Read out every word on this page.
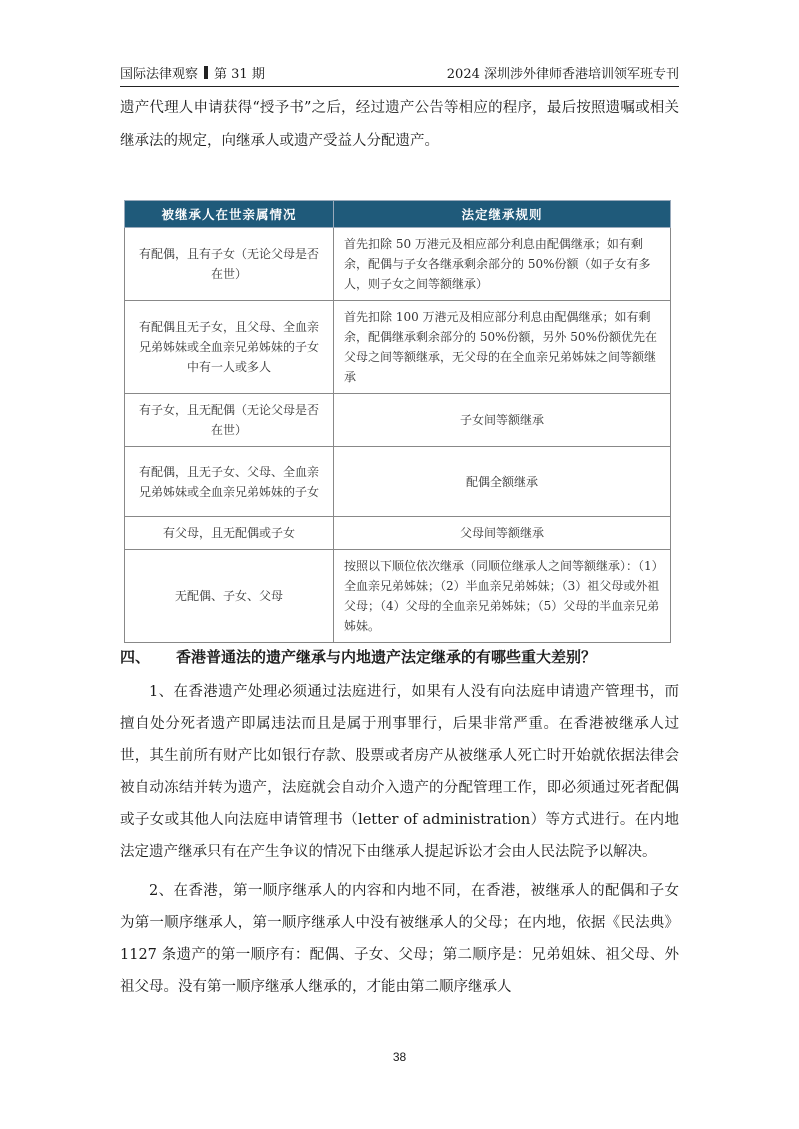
国际法律观察 第 31 期	2024 深圳涉外律师香港培训领军班专刊
遗产代理人申请获得“授予书”之后，经过遗产公告等相应的程序，最后按照遗嘱或相关继承法的规定，向继承人或遗产受益人分配遗产。
被继承人在世亲属情况	法定继承规则
有配偶，且有子女（无论父母是否在世）	首先扣除 50 万港元及相应部分利息由配偶继承；如有剩余，配偶与子女各继承剩余部分的 50%份额（如子女有多人，则子女之间等额继承）
有配偶且无子女，且父母、全血亲兄弟姊妹或全血亲兄弟姊妹的子女中有一人或多人	首先扣除 100 万港元及相应部分利息由配偶继承；如有剩余，配偶继承剩余部分的 50%份额，另外 50%份额优先在父母之间等额继承，无父母的在全血亲兄弟姊妹之间等额继承
有子女，且无配偶（无论父母是否在世）	子女间等额继承
有配偶，且无子女、父母、全血亲兄弟姊妹或全血亲兄弟姊妹的子女	配偶全额继承
有父母，且无配偶或子女	父母间等额继承
无配偶、子女、父母	按照以下顺位依次继承（同顺位继承人之间等额继承）：（1）全血亲兄弟姊妹；（2）半血亲兄弟姊妹；（3）祖父母或外祖父母；（4）父母的全血亲兄弟姊妹；（5）父母的半血亲兄弟姊妹。
四、 香港普通法的遗产继承与内地遗产法定继承的有哪些重大差别？

1、在香港遗产处理必须通过法庭进行，如果有人没有向法庭申请遗产管理书，而擅自处分死者遗产即属违法而且是属于刑事罪行，后果非常严重。在香港被继承人过世，其生前所有财产比如银行存款、股票或者房产从被继承人死亡时开始就依据法律会被自动冻结并转为遗产，法庭就会自动介入遗产的分配管理工作，即必须通过死者配偶或子女或其他人向法庭申请管理书（letter of administration）等方式进行。在内地法定遗产继承只有在产生争议的情况下由继承人提起诉讼才会由人民法院予以解决。

2、在香港，第一顺序继承人的内容和内地不同，在香港，被继承人的配偶和子女为第一顺序继承人，第一顺序继承人中没有被继承人的父母；在内地，依据《民法典》1127 条遗产的第一顺序有：配偶、子女、父母；第二顺序是：兄弟姐妹、祖父母、外祖父母。没有第一顺序继承人继承的，才能由第二顺序继承人

38
